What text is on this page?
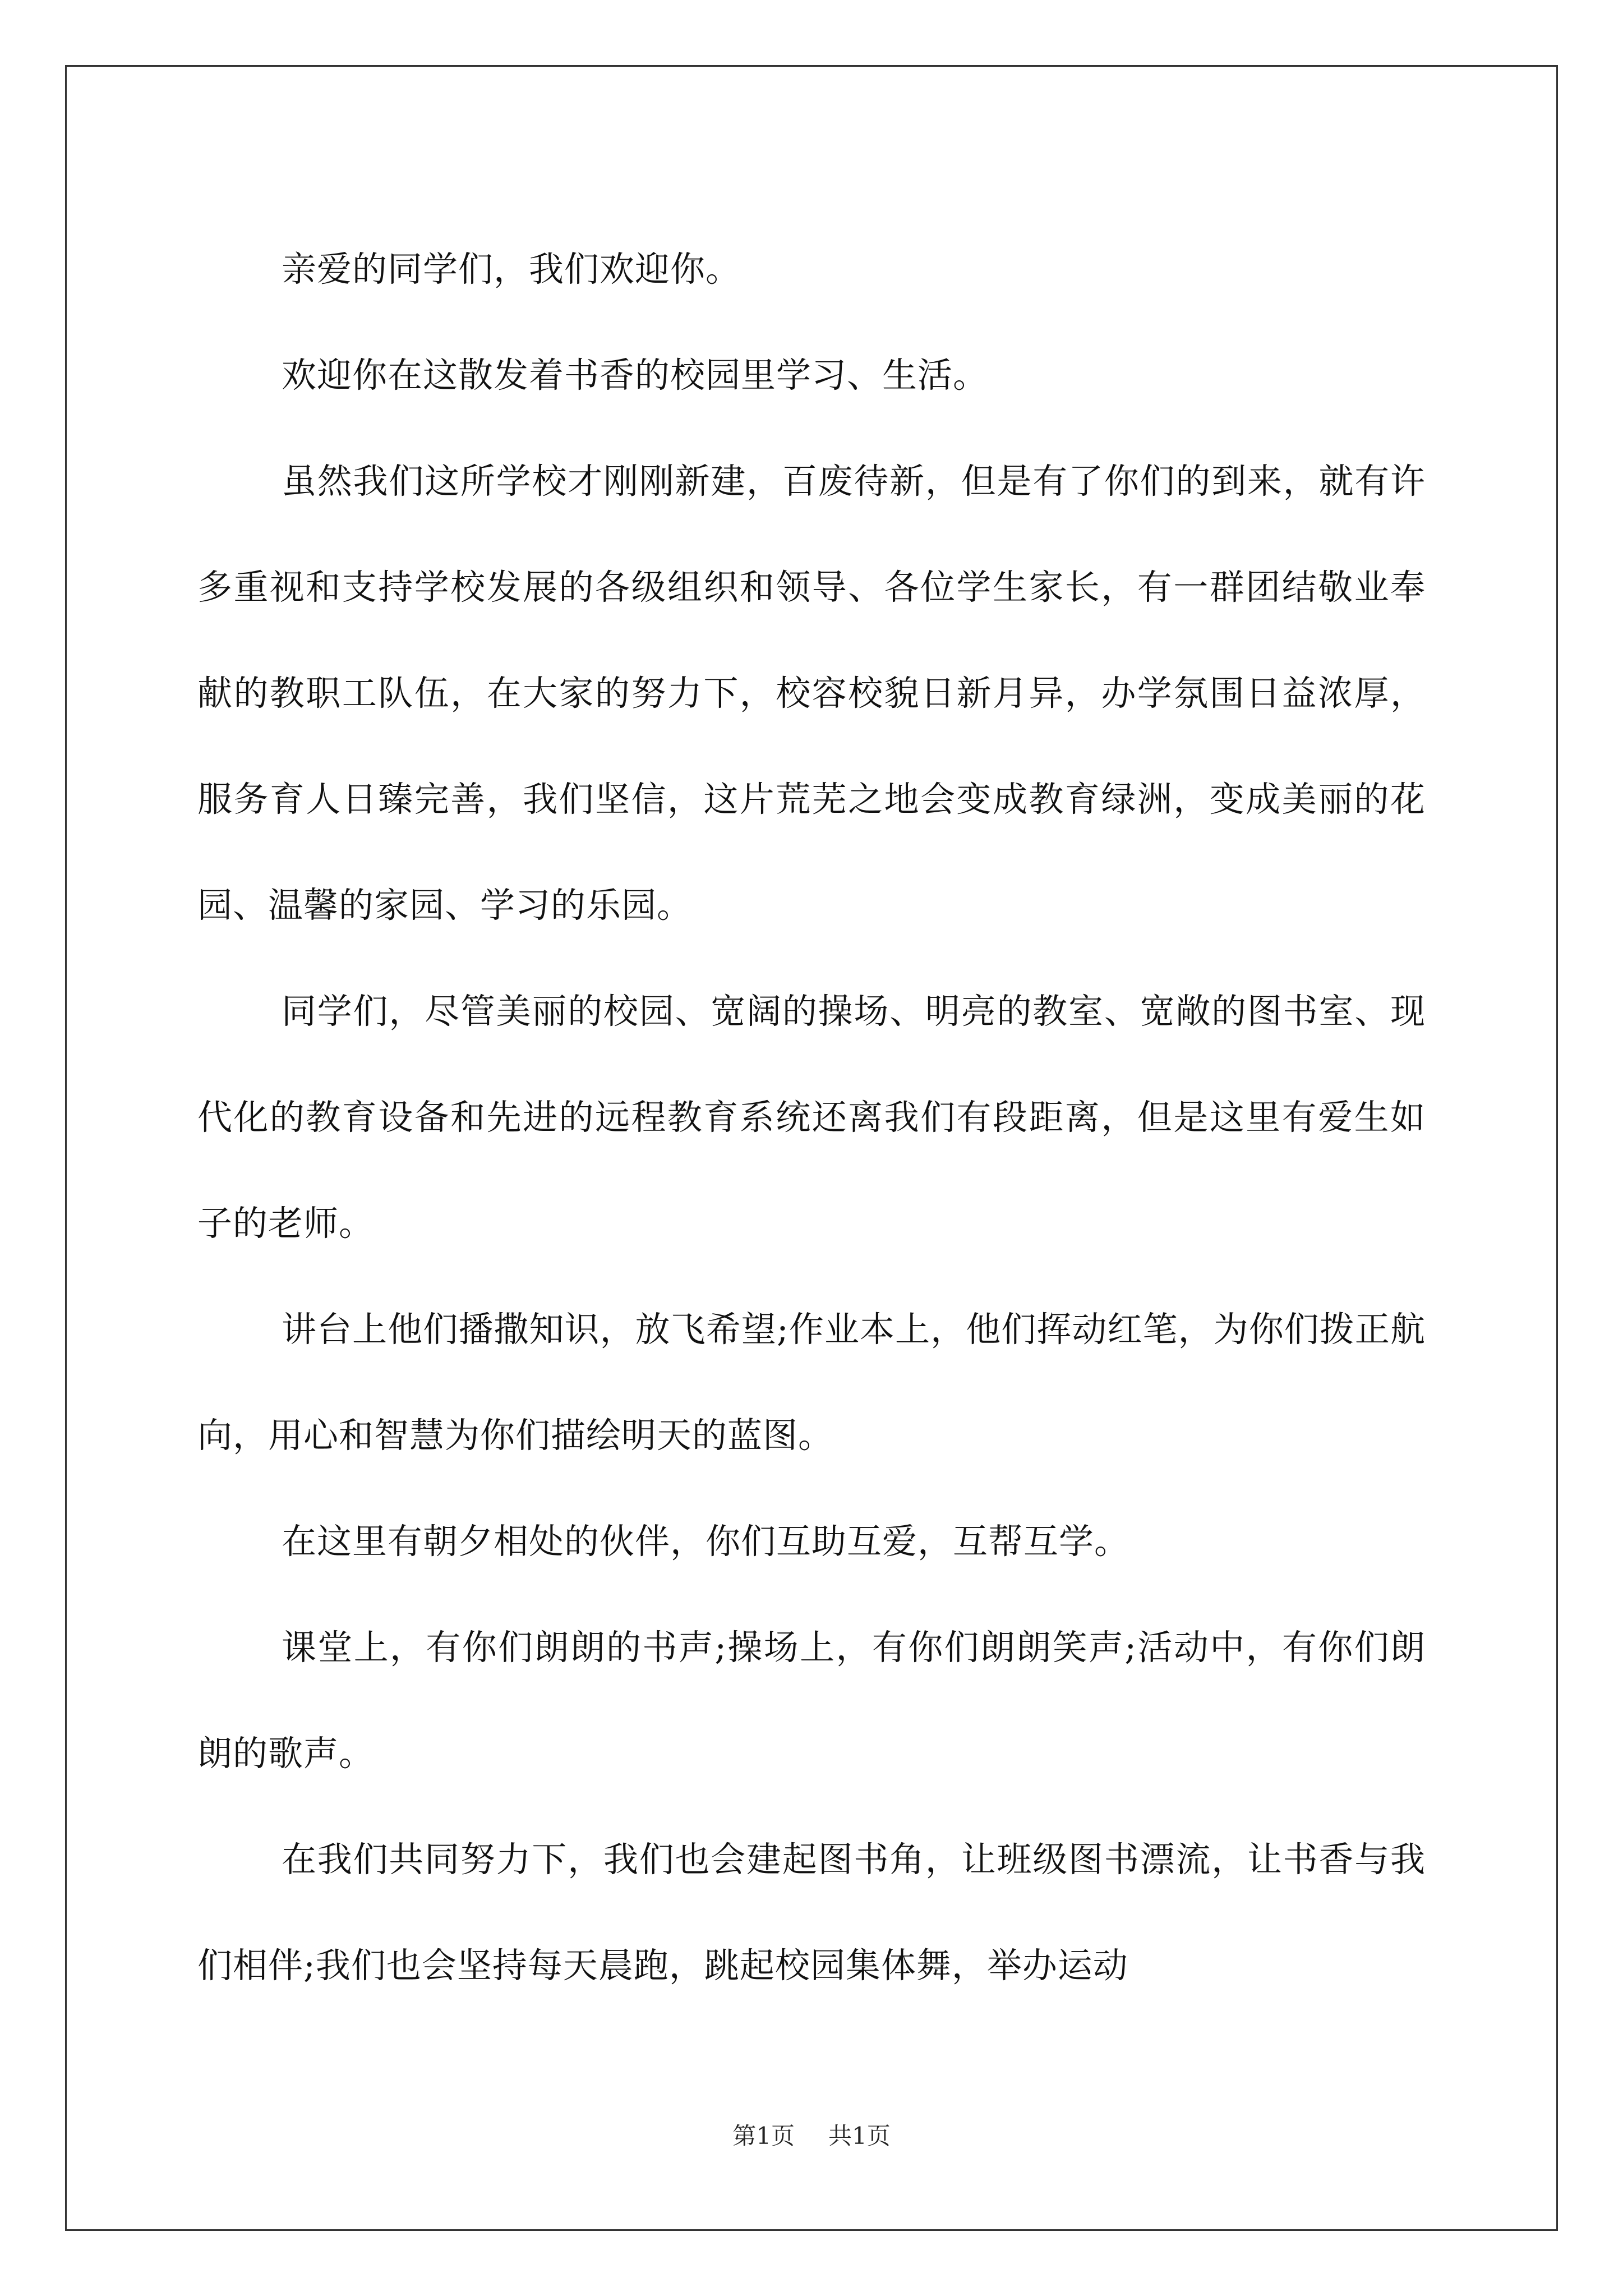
亲爱的同学们，我们欢迎你。

欢迎你在这散发着书香的校园里学习、生活。

虽然我们这所学校才刚刚新建，百废待新，但是有了你们的到来，就有许多重视和支持学校发展的各级组织和领导、各位学生家长，有一群团结敬业奉献的教职工队伍，在大家的努力下，校容校貌日新月异，办学氛围日益浓厚，服务育人日臻完善，我们坚信，这片荒芜之地会变成教育绿洲，变成美丽的花园、温馨的家园、学习的乐园。

同学们，尽管美丽的校园、宽阔的操场、明亮的教室、宽敞的图书室、现代化的教育设备和先进的远程教育系统还离我们有段距离，但是这里有爱生如子的老师。

讲台上他们播撒知识，放飞希望;作业本上，他们挥动红笔，为你们拨正航向，用心和智慧为你们描绘明天的蓝图。

在这里有朝夕相处的伙伴，你们互助互爱，互帮互学。

课堂上，有你们朗朗的书声;操场上，有你们朗朗笑声;活动中，有你们朗朗的歌声。

在我们共同努力下，我们也会建起图书角，让班级图书漂流，让书香与我们相伴;我们也会坚持每天晨跑，跳起校园集体舞，举办运动

第1页 共1页
